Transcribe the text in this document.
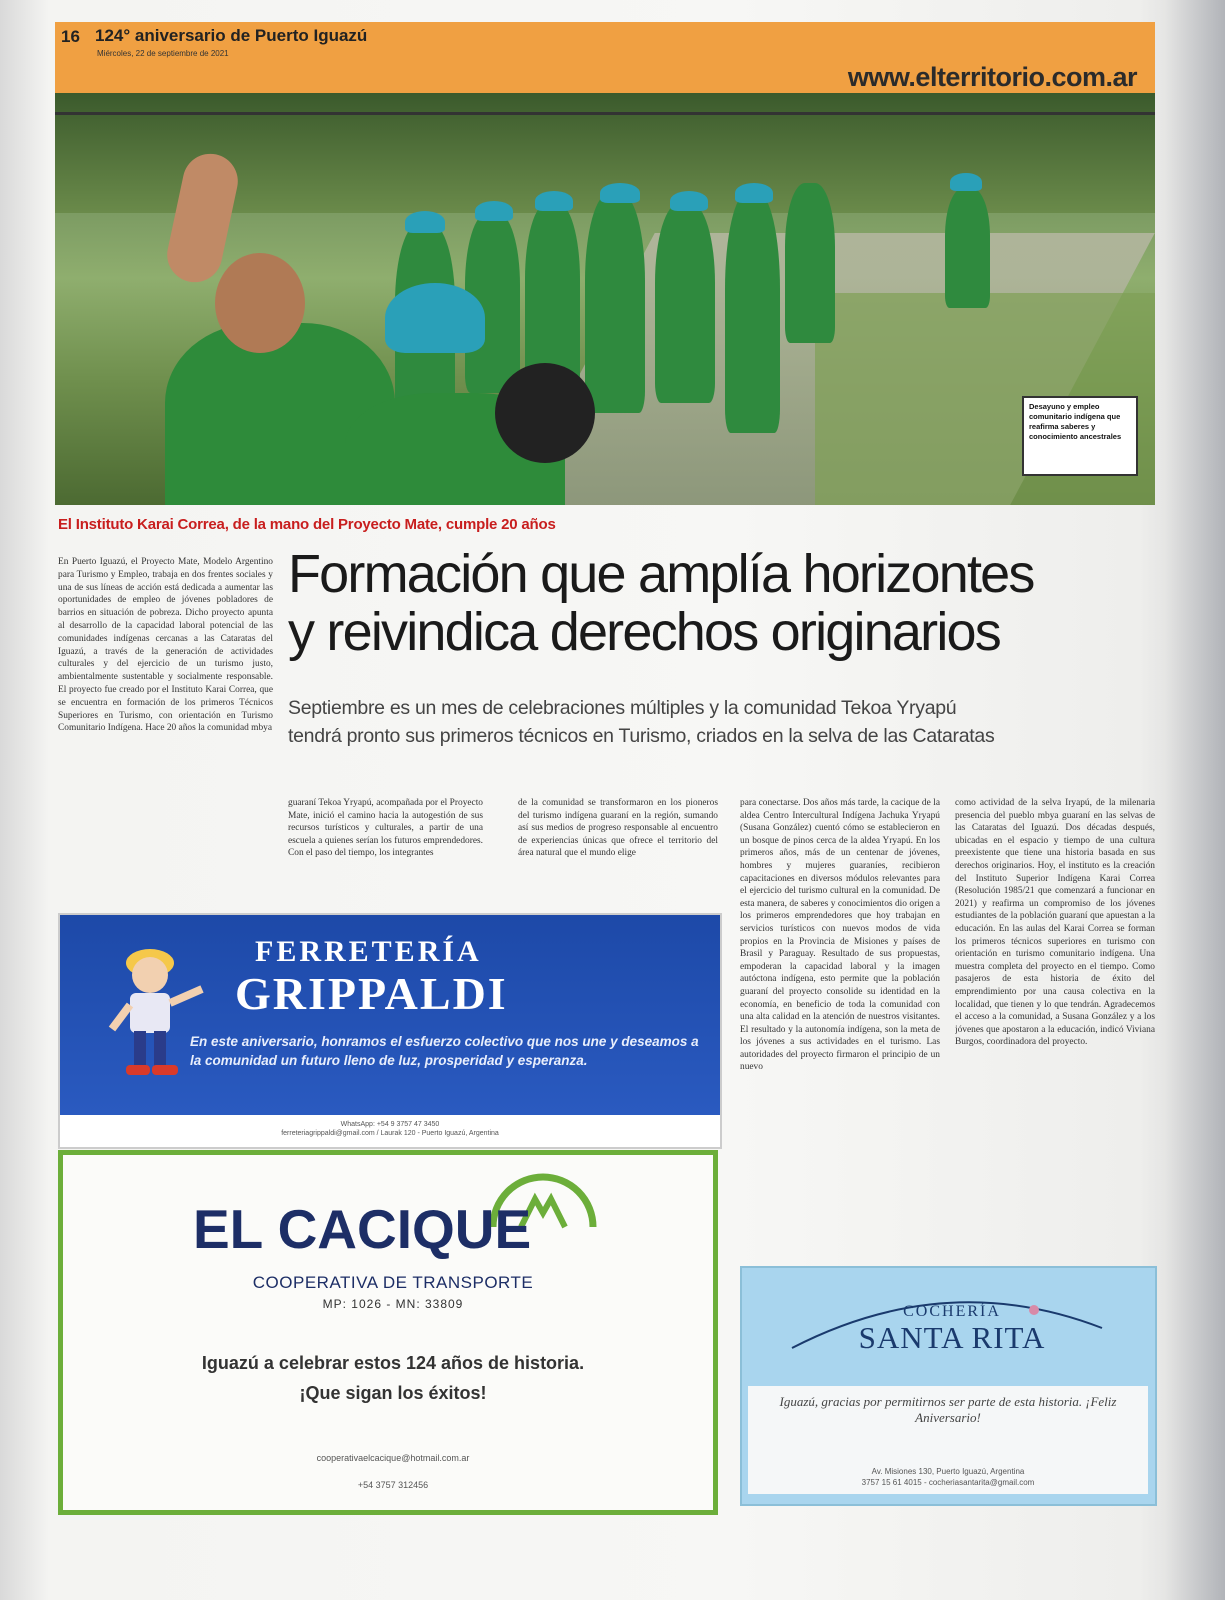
16 124° aniversario de Puerto Iguazú
Miércoles, 22 de septiembre de 2021
www.elterritorio.com.ar
Desayuno y empleo comunitario indígena que reafirma saberes y conocimiento ancestrales
El Instituto Karai Correa, de la mano del Proyecto Mate, cumple 20 años
En Puerto Iguazú, el Proyecto Mate, Modelo Argentino para Turismo y Empleo, trabaja en dos frentes sociales y una de sus líneas de acción está dedicada a aumentar las oportunidades de empleo de jóvenes pobladores de barrios en situación de pobreza. Dicho proyecto apunta al desarrollo de la capacidad laboral potencial de las comunidades indígenas cercanas a las Cataratas del Iguazú, a través de la generación de actividades culturales y del ejercicio de un turismo justo, ambientalmente sustentable y socialmente responsable. El proyecto fue creado por el Instituto Karai Correa, que se encuentra en formación de los primeros Técnicos Superiores en Turismo, con orientación en Turismo Comunitario Indígena. Hace 20 años la comunidad mbya
Formación que amplía horizontes
y reivindica derechos originarios
Septiembre es un mes de celebraciones múltiples y la comunidad Tekoa Yryapú
tendrá pronto sus primeros técnicos en Turismo, criados en la selva de las Cataratas
guaraní Tekoa Yryapú, acompañada por el Proyecto Mate, inició el camino hacia la autogestión de sus recursos turísticos y culturales, a partir de una escuela a quienes serían los futuros emprendedores. Con el paso del tiempo, los integrantes
de la comunidad se transformaron en los pioneros del turismo indígena guaraní en la región, sumando así sus medios de progreso responsable al encuentro de experiencias únicas que ofrece el territorio del área natural que el mundo elige
para conectarse. Dos años más tarde, la cacique de la aldea Centro Intercultural Indígena Jachuka Yryapú (Susana González) cuentó cómo se establecieron en un bosque de pinos cerca de la aldea Yryapú. En los primeros años, más de un centenar de jóvenes, hombres y mujeres guaraníes, recibieron capacitaciones en diversos módulos relevantes para el ejercicio del turismo cultural en la comunidad. De esta manera, de saberes y conocimientos dio origen a los primeros emprendedores que hoy trabajan en servicios turísticos con nuevos modos de vida propios en la Provincia de Misiones y países de Brasil y Paraguay. Resultado de sus propuestas, empoderan la capacidad laboral y la imagen autóctona indígena, esto permite que la población guaraní del proyecto consolide su identidad en la economía, en beneficio de toda la comunidad con una alta calidad en la atención de nuestros visitantes. El resultado y la autonomía indígena, son la meta de los jóvenes a sus actividades en el turismo. Las autoridades del proyecto firmaron el principio de un nuevo
como actividad de la selva Iryapú, de la milenaria presencia del pueblo mbya guaraní en las selvas de las Cataratas del Iguazú. Dos décadas después, ubicadas en el espacio y tiempo de una cultura preexistente que tiene una historia basada en sus derechos originarios. Hoy, el instituto es la creación del Instituto Superior Indígena Karai Correa (Resolución 1985/21 que comenzará a funcionar en 2021) y reafirma un compromiso de los jóvenes estudiantes de la población guaraní que apuestan a la educación. En las aulas del Karai Correa se forman los primeros técnicos superiores en turismo con orientación en turismo comunitario indígena. Una muestra completa del proyecto en el tiempo. Como pasajeros de esta historia de éxito del emprendimiento por una causa colectiva en la localidad, que tienen y lo que tendrán. Agradecemos el acceso a la comunidad, a Susana González y a los jóvenes que apostaron a la educación, indicó Viviana Burgos, coordinadora del proyecto.
FERRETERÍA
GRIPPALDI
En este aniversario, honramos el esfuerzo colectivo que nos une y deseamos a la comunidad un futuro lleno de luz, prosperidad y esperanza.
WhatsApp: +54 9 3757 47 3450
ferreteriagrippaldi@gmail.com / Laurak 120 - Puerto Iguazú, Argentina
EL CACIQUE
COOPERATIVA DE TRANSPORTE
MP: 1026 - MN: 33809
Iguazú a celebrar estos 124 años de historia.
¡Que sigan los éxitos!
cooperativaelcacique@hotmail.com.ar
+54 3757 312456
COCHERÍA
SANTA RITA
Iguazú, gracias por permitirnos ser parte de esta historia. ¡Feliz Aniversario!
Av. Misiones 130, Puerto Iguazú, Argentina
3757 15 61 4015 - cocheriasantarita@gmail.com
